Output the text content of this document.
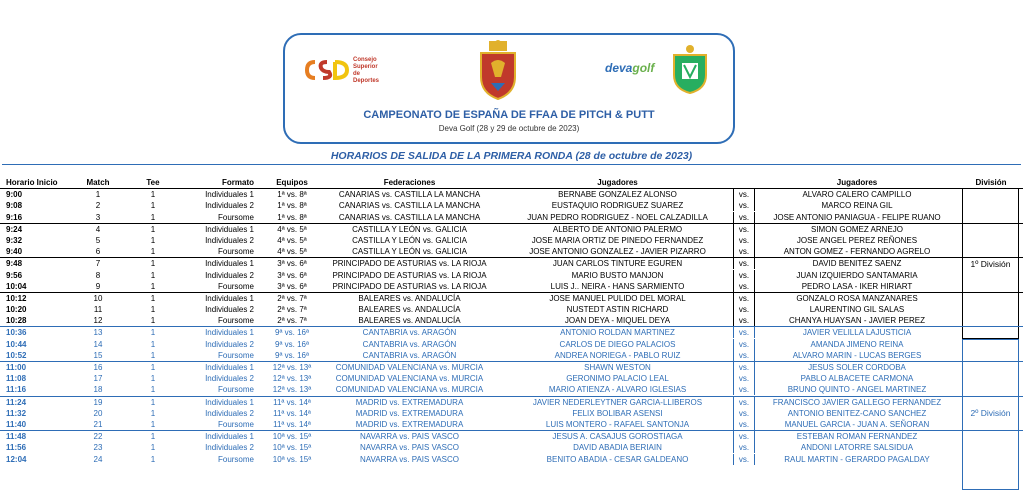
Consejo
Superior
de Deportes
devagolf
CAMPEONATO DE ESPAÑA DE FFAA DE PITCH & PUTT
Deva Golf (28 y 29 de octubre de 2023)
HORARIOS DE SALIDA DE LA PRIMERA RONDA (28 de octubre de 2023)
1º División
2º División
Horario Inicio	Match	Tee	Formato	Equipos	Federaciones	Jugadores	Jugadores	División
9:00	1	1	Individuales 1	1ª vs. 8ª	CANARIAS vs. CASTILLA LA MANCHA	BERNABE GONZALEZ ALONSO	vs.	ALVARO CALERO CAMPILLO
9:08	2	1	Individuales 2	1ª vs. 8ª	CANARIAS vs. CASTILLA LA MANCHA	EUSTAQUIO RODRIGUEZ SUAREZ	vs.	MARCO REINA GIL
9:16	3	1	Foursome	1ª vs. 8ª	CANARIAS vs. CASTILLA LA MANCHA	JUAN PEDRO RODRIGUEZ - NOEL CALZADILLA	vs.	JOSE ANTONIO PANIAGUA - FELIPE RUANO
9:24	4	1	Individuales 1	4ª vs. 5ª	CASTILLA Y LEÓN vs. GALICIA	ALBERTO DE ANTONIO PALERMO	vs.	SIMON GOMEZ ARNEJO
9:32	5	1	Individuales 2	4ª vs. 5ª	CASTILLA Y LEÓN vs. GALICIA	JOSE MARIA ORTIZ DE PINEDO FERNANDEZ	vs.	JOSE ANGEL PEREZ REÑONES
9:40	6	1	Foursome	4ª vs. 5ª	CASTILLA Y LEÓN vs. GALICIA	JOSE ANTONIO GONZALEZ - JAVIER PIZARRO	vs.	ANTON GOMEZ - FERNANDO AGRELO
9:48	7	1	Individuales 1	3ª vs. 6ª	PRINCIPADO DE ASTURIAS vs. LA RIOJA	JUAN CARLOS TINTURE EGUREN	vs.	DAVID BENITEZ SAENZ
9:56	8	1	Individuales 2	3ª vs. 6ª	PRINCIPADO DE ASTURIAS vs. LA RIOJA	MARIO BUSTO MANJON	vs.	JUAN IZQUIERDO SANTAMARIA
10:04	9	1	Foursome	3ª vs. 6ª	PRINCIPADO DE ASTURIAS vs. LA RIOJA	LUIS J.. NEIRA - HANS SARMIENTO	vs.	PEDRO LASA - IKER HIRIART
10:12	10	1	Individuales 1	2ª vs. 7ª	BALEARES vs. ANDALUCÍA	JOSE MANUEL PULIDO DEL MORAL	vs.	GONZALO ROSA MANZANARES
10:20	11	1	Individuales 2	2ª vs. 7ª	BALEARES vs. ANDALUCÍA	NUSTEDT ASTIN RICHARD	vs.	LAURENTINO GIL SALAS
10:28	12	1	Foursome	2ª vs. 7ª	BALEARES vs. ANDALUCÍA	JOAN DEYA - MIQUEL DEYA	vs.	CHANYA HUAYSAN - JAVIER PEREZ
10:36	13	1	Individuales 1	9ª vs. 16ª	CANTABRIA vs. ARAGÓN	ANTONIO ROLDAN MARTINEZ	vs.	JAVIER VELILLA LAJUSTICIA
10:44	14	1	Individuales 2	9ª vs. 16ª	CANTABRIA vs. ARAGÓN	CARLOS DE DIEGO PALACIOS	vs.	AMANDA JIMENO REINA
10:52	15	1	Foursome	9ª vs. 16ª	CANTABRIA vs. ARAGÓN	ANDREA NORIEGA - PABLO RUIZ	vs.	ALVARO MARIN - LUCAS BERGES
11:00	16	1	Individuales 1	12ª vs. 13ª	COMUNIDAD VALENCIANA vs. MURCIA	SHAWN WESTON	vs.	JESUS SOLER CORDOBA
11:08	17	1	Individuales 2	12ª vs. 13ª	COMUNIDAD VALENCIANA vs. MURCIA	GERONIMO PALACIO LEAL	vs.	PABLO ALBACETE CARMONA
11:16	18	1	Foursome	12ª vs. 13ª	COMUNIDAD VALENCIANA vs. MURCIA	MARIO ATIENZA - ALVARO IGLESIAS	vs.	BRUNO QUINTO - ANGEL MARTINEZ
11:24	19	1	Individuales 1	11ª vs. 14ª	MADRID vs. EXTREMADURA	JAVIER NEDERLEYTNER GARCIA-LLIBEROS	vs.	FRANCISCO JAVIER GALLEGO FERNANDEZ
11:32	20	1	Individuales 2	11ª vs. 14ª	MADRID vs. EXTREMADURA	FELIX BOLIBAR ASENSI	vs.	ANTONIO BENITEZ-CANO SANCHEZ
11:40	21	1	Foursome	11ª vs. 14ª	MADRID vs. EXTREMADURA	LUIS MONTERO - RAFAEL SANTONJA	vs.	MANUEL GARCIA - JUAN A. SEÑORAN
11:48	22	1	Individuales 1	10ª vs. 15ª	NAVARRA vs. PAIS VASCO	JESUS A. CASAJUS GOROSTIAGA	vs.	ESTEBAN ROMAN FERNANDEZ
11:56	23	1	Individuales 2	10ª vs. 15ª	NAVARRA vs. PAIS VASCO	DAVID ABADIA BERIAIN	vs.	ANDONI LATORRE SALSIDUA
12:04	24	1	Foursome	10ª vs. 15ª	NAVARRA vs. PAIS VASCO	BENITO ABADIA - CESAR GALDEANO	vs.	RAUL MARTIN - GERARDO PAGALDAY
